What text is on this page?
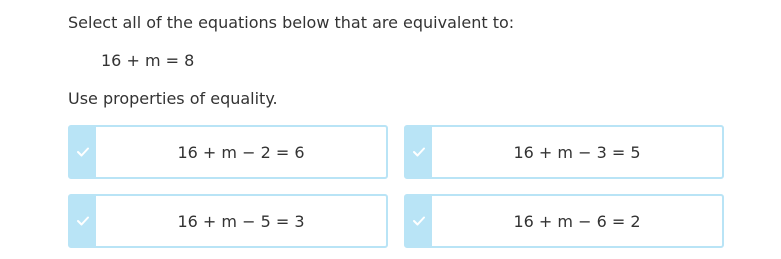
Select all of the equations below that are equivalent to:
16 + m = 8
Use properties of equality.
16 + m − 2 = 6	16 + m − 3 = 5
16 + m − 5 = 3	16 + m − 6 = 2
